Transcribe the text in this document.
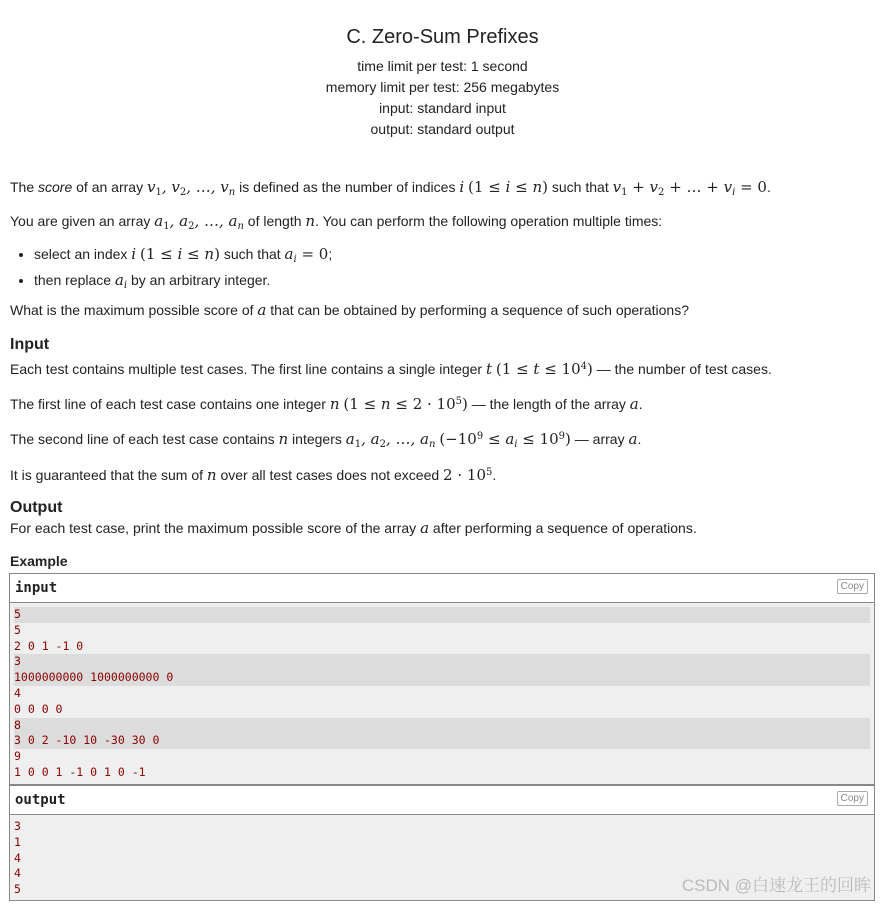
C. Zero-Sum Prefixes
time limit per test: 1 second
memory limit per test: 256 megabytes
input: standard input
output: standard output
The score of an array $v_1$, $v_2$, …, $v_n$ is defined as the number of indices i (1 ≤ i ≤ n) such that $v_1 + v_2$ + … + $v_i = 0$.
You are given an array $a_1$, $a_2$, …, $a_n$ of length n. You can perform the following operation multiple times:
• select an index i (1 ≤ i ≤ n) such that $a_i = 0$;
• then replace $a_i$ by an arbitrary integer.
What is the maximum possible score of a that can be obtained by performing a sequence of such operations?
Input
Each test contains multiple test cases. The first line contains a single integer t $(1 \le t \le 10^4)$ — the number of test cases.
The first line of each test case contains one integer n $(1 \le n \le 2 \cdot 10^5)$ — the length of the array a.
The second line of each test case contains n integers $a_1$, $a_2$, …, $a_n$ $(-10^9 \le a_i \le 10^9)$ — array a.
It is guaranteed that the sum of n over all test cases does not exceed $2 \cdot 10^5$.
Output
For each test case, print the maximum possible score of the array a after performing a sequence of operations.
Example
input	Copy
5
5
2 0 1 -1 0
3
1000000000 1000000000 0
4
0 0 0 0
8
3 0 2 -10 10 -30 30 0
9
1 0 0 1 -1 0 1 0 -1
output	Copy
3
1
4
4
5	CSDN @白速龙王的回眸
